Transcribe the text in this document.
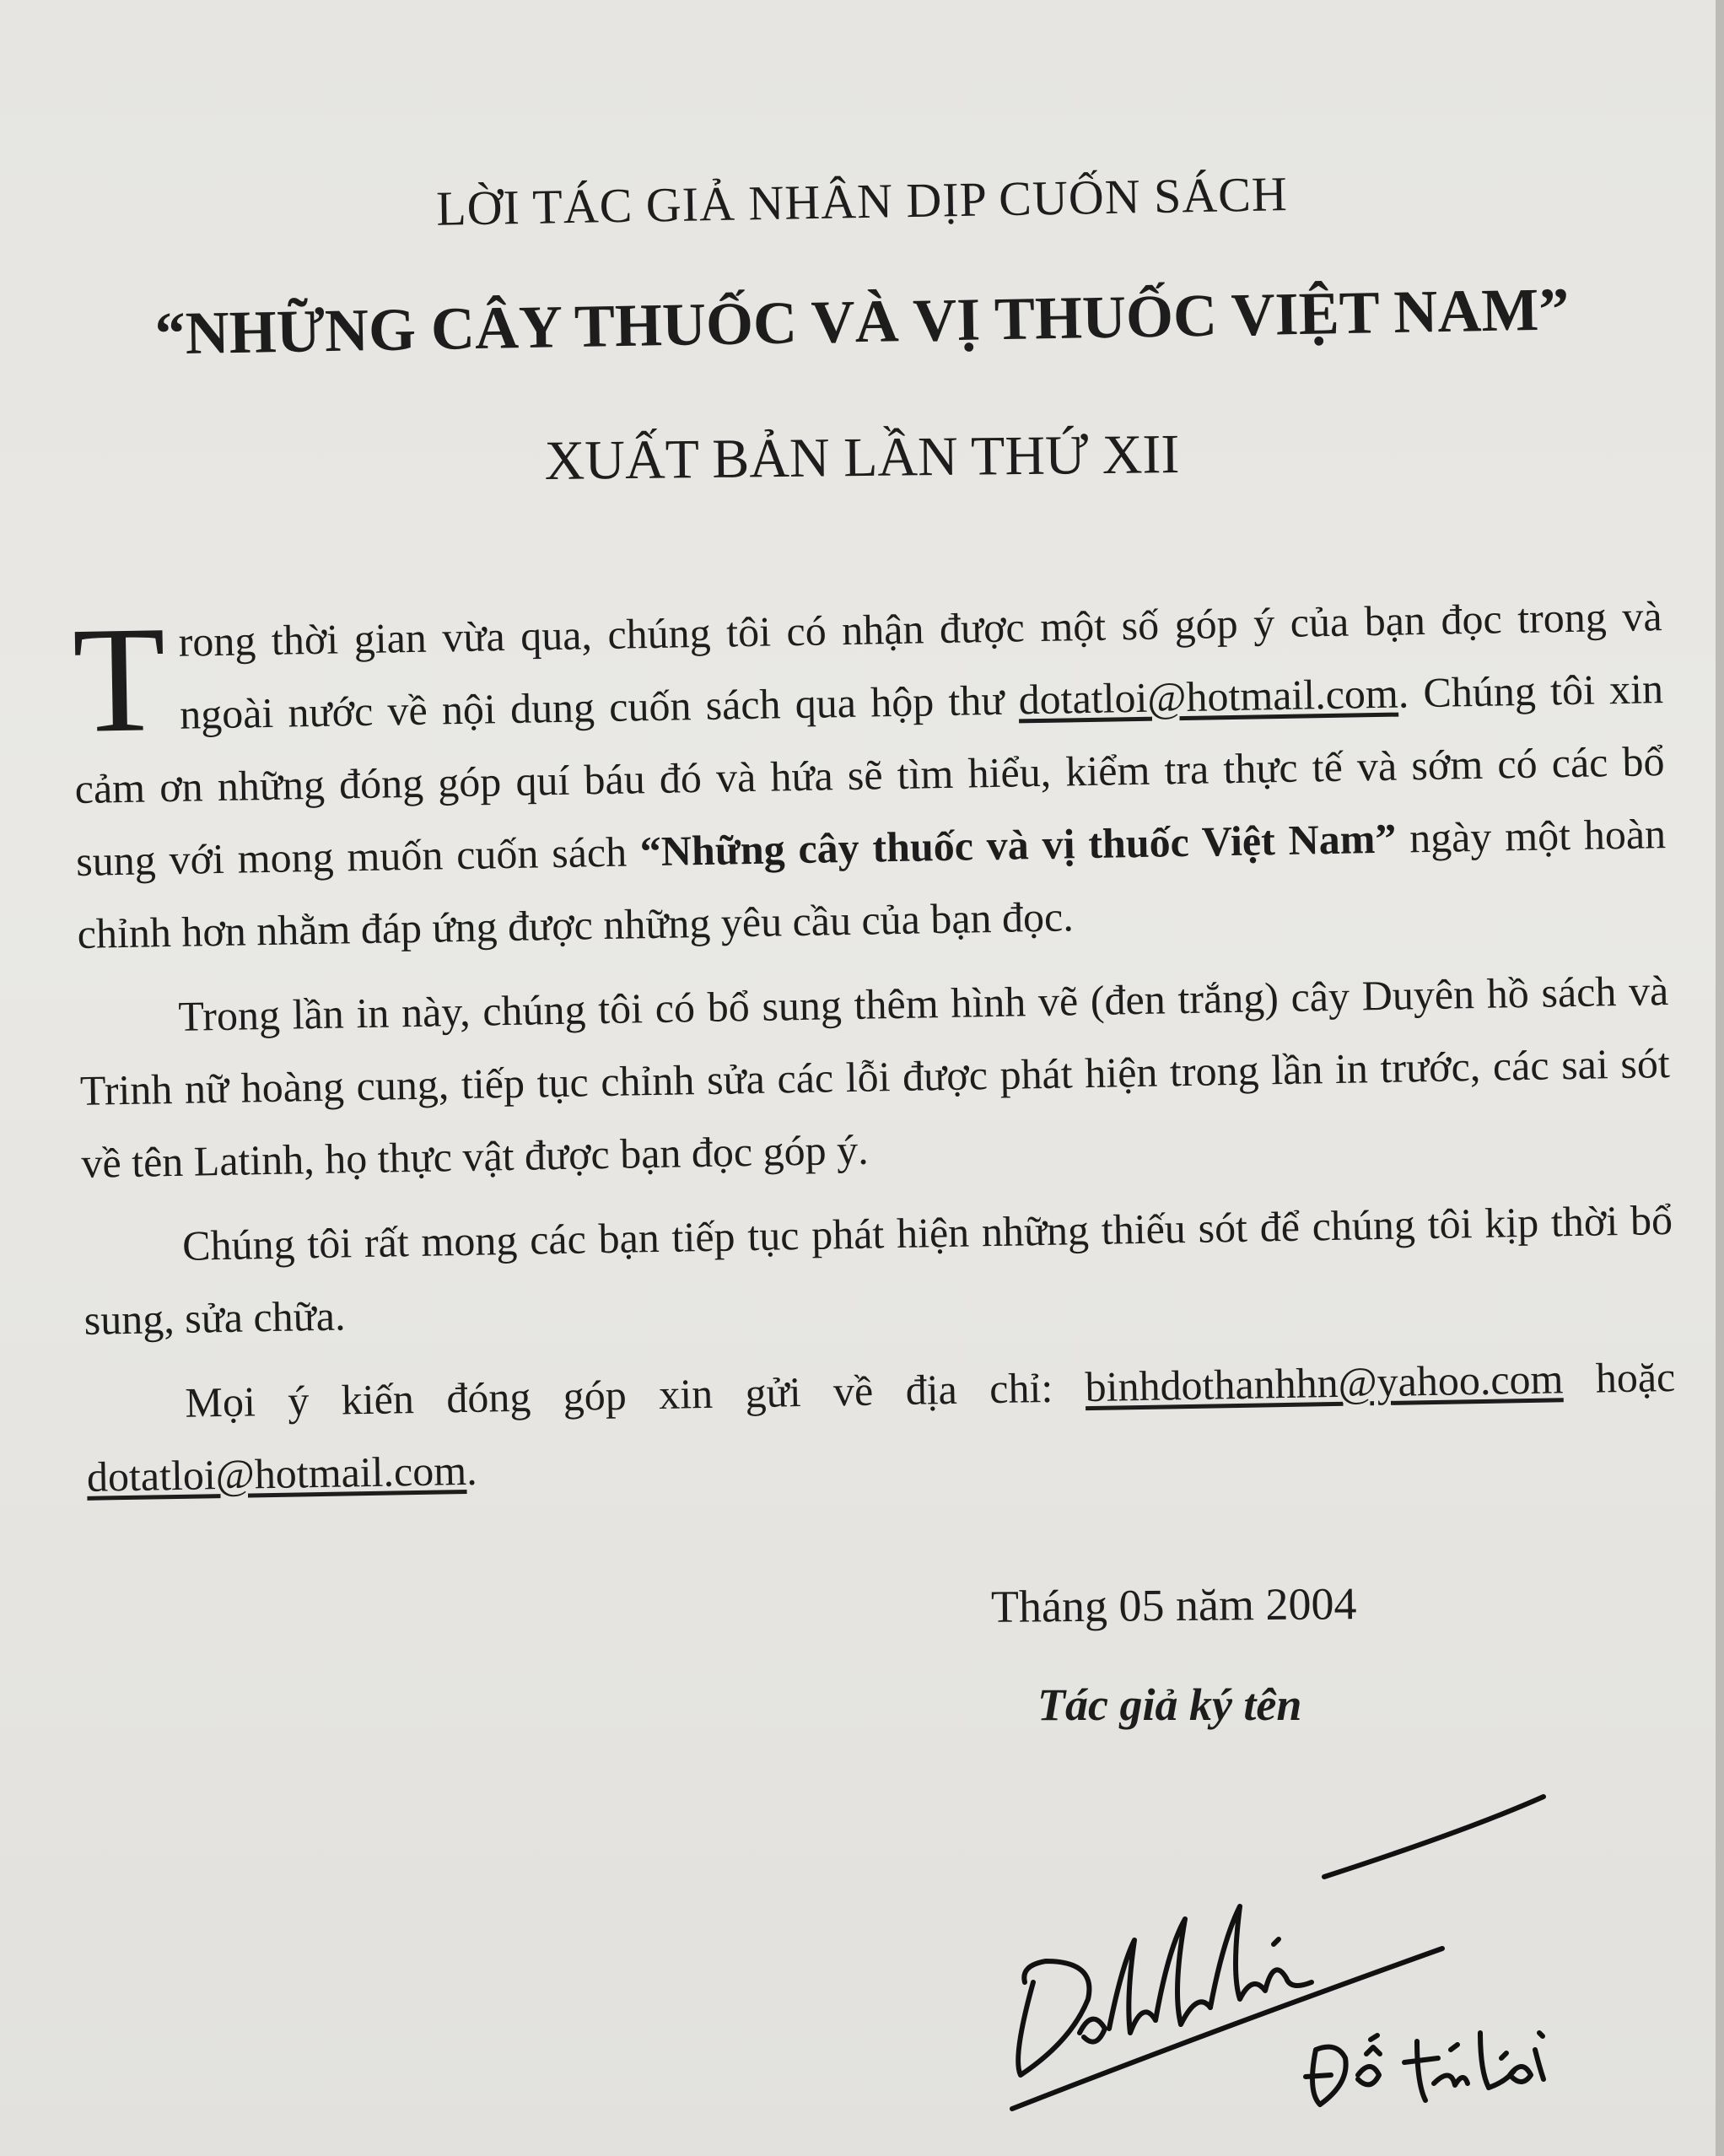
LỜI TÁC GIẢ NHÂN DỊP CUỐN SÁCH
“NHỮNG CÂY THUỐC VÀ VỊ THUỐC VIỆT NAM”
XUẤT BẢN LẦN THỨ XII

Trong thời gian vừa qua, chúng tôi có nhận được một số góp ý của bạn đọc trong và ngoài nước về nội dung cuốn sách qua hộp thư dotatloi@hotmail.com. Chúng tôi xin cảm ơn những đóng góp quí báu đó và hứa sẽ tìm hiểu, kiểm tra thực tế và sớm có các bổ sung với mong muốn cuốn sách “Những cây thuốc và vị thuốc Việt Nam” ngày một hoàn chỉnh hơn nhằm đáp ứng được những yêu cầu của bạn đọc.

Trong lần in này, chúng tôi có bổ sung thêm hình vẽ (đen trắng) cây Duyên hồ sách và Trinh nữ hoàng cung, tiếp tục chỉnh sửa các lỗi được phát hiện trong lần in trước, các sai sót về tên Latinh, họ thực vật được bạn đọc góp ý.

Chúng tôi rất mong các bạn tiếp tục phát hiện những thiếu sót để chúng tôi kịp thời bổ sung, sửa chữa.

Mọi ý kiến đóng góp xin gửi về địa chỉ: binhdothanhhn@yahoo.com hoặc dotatloi@hotmail.com.

Tháng 05 năm 2004
Tác giả ký tên
